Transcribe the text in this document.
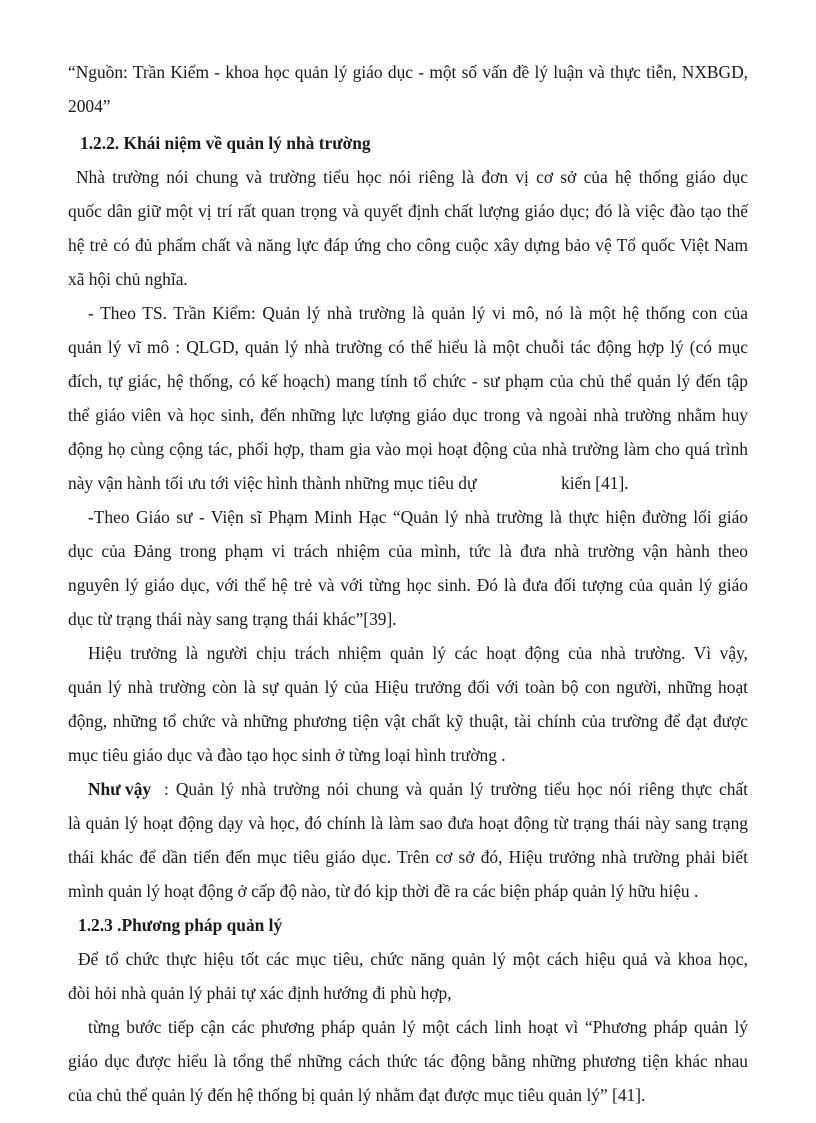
“Nguồn: Trần Kiểm - khoa học quản lý giáo dục - một số vấn đề lý luận và thực tiễn, NXBGD,
2004”
1.2.2. Khái niệm về quản lý nhà trường
Nhà trường nói chung và trường tiểu học nói riêng là đơn vị cơ sở của hệ thống giáo dục
quốc dân giữ một vị trí rất quan trọng và quyết định chất lượng giáo dục; đó là việc đào tạo thế
hệ trẻ có đủ phẩm chất và năng lực đáp ứng cho công cuộc xây dựng bảo vệ Tổ quốc Việt Nam
xã hội chủ nghĩa.
- Theo TS. Trần Kiểm: Quản lý nhà trường là quản lý vi mô, nó là một hệ thống con của
quản lý vĩ mô : QLGD, quản lý nhà trường có thể hiểu là một chuỗi tác động hợp lý (có mục
đích, tự giác, hệ thống, có kế hoạch) mang tính tổ chức - sư phạm của chủ thể quản lý đến tập
thể giáo viên và học sinh, đến những lực lượng giáo dục trong và ngoài nhà trường nhằm huy
động họ cùng cộng tác, phối hợp, tham gia vào mọi hoạt động của nhà trường làm cho quá trình
này vận hành tối ưu tới việc hình thành những mục tiêu dự	kiến [41].
-Theo Giáo sư - Viện sĩ Phạm Minh Hạc “Quản lý nhà trường là thực hiện đường lối giáo
dục của Đảng trong phạm vi trách nhiệm của mình, tức là đưa nhà trường vận hành theo
nguyên lý giáo dục, với thế hệ trẻ và với từng học sinh. Đó là đưa đối tượng của quản lý giáo
dục từ trạng thái này sang trạng thái khác”[39].
Hiệu trưởng là người chịu trách nhiệm quản lý các hoạt động của nhà trường. Vì vậy,
quản lý nhà trường còn là sự quản lý của Hiệu trưởng đối với toàn bộ con người, những hoạt
động, những tổ chức và những phương tiện vật chất kỹ thuật, tài chính của trường để đạt được
mục tiêu giáo dục và đào tạo học sinh ở từng loại hình trường .
Như vậy : Quản lý nhà trường nói chung và quản lý trường tiểu học nói riêng thực chất
là quản lý hoạt động dạy và học, đó chính là làm sao đưa hoạt động từ trạng thái này sang trạng
thái khác để dần tiến đến mục tiêu giáo dục. Trên cơ sở đó, Hiệu trưởng nhà trường phải biết
mình quản lý hoạt động ở cấp độ nào, từ đó kịp thời đề ra các biện pháp quản lý hữu hiệu .
1.2.3 .Phương pháp quản lý
Để tổ chức thực hiệu tốt các mục tiêu, chức năng quản lý một cách hiệu quả và khoa học,
đòi hỏi nhà quản lý phải tự xác định hướng đi phù hợp,
từng bước tiếp cận các phương pháp quản lý một cách linh hoạt vì “Phương pháp quản lý
giáo dục được hiểu là tổng thể những cách thức tác động bằng những phương tiện khác nhau
của chủ thể quản lý đến hệ thống bị quản lý nhằm đạt được mục tiêu quản lý” [41].
